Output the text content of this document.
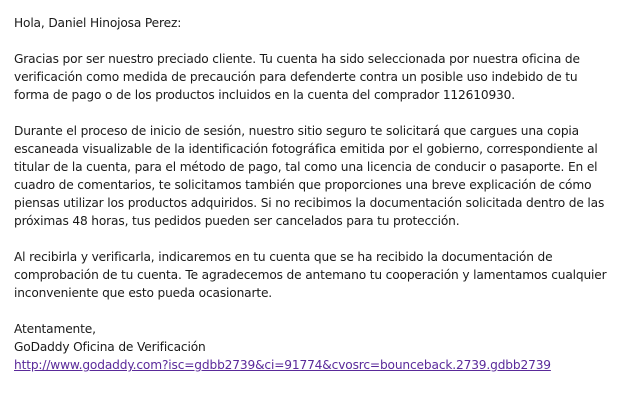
Hola, Daniel Hinojosa Perez:

Gracias por ser nuestro preciado cliente. Tu cuenta ha sido seleccionada por nuestra oficina de
verificación como medida de precaución para defenderte contra un posible uso indebido de tu
forma de pago o de los productos incluidos en la cuenta del comprador 112610930.

Durante el proceso de inicio de sesión, nuestro sitio seguro te solicitará que cargues una copia
escaneada visualizable de la identificación fotográfica emitida por el gobierno, correspondiente al
titular de la cuenta, para el método de pago, tal como una licencia de conducir o pasaporte. En el
cuadro de comentarios, te solicitamos también que proporciones una breve explicación de cómo
piensas utilizar los productos adquiridos. Si no recibimos la documentación solicitada dentro de las
próximas 48 horas, tus pedidos pueden ser cancelados para tu protección.

Al recibirla y verificarla, indicaremos en tu cuenta que se ha recibido la documentación de
comprobación de tu cuenta. Te agradecemos de antemano tu cooperación y lamentamos cualquier
inconveniente que esto pueda ocasionarte.

Atentamente,
GoDaddy Oficina de Verificación
http://www.godaddy.com?isc=gdbb2739&ci=91774&cvosrc=bounceback.2739.gdbb2739
